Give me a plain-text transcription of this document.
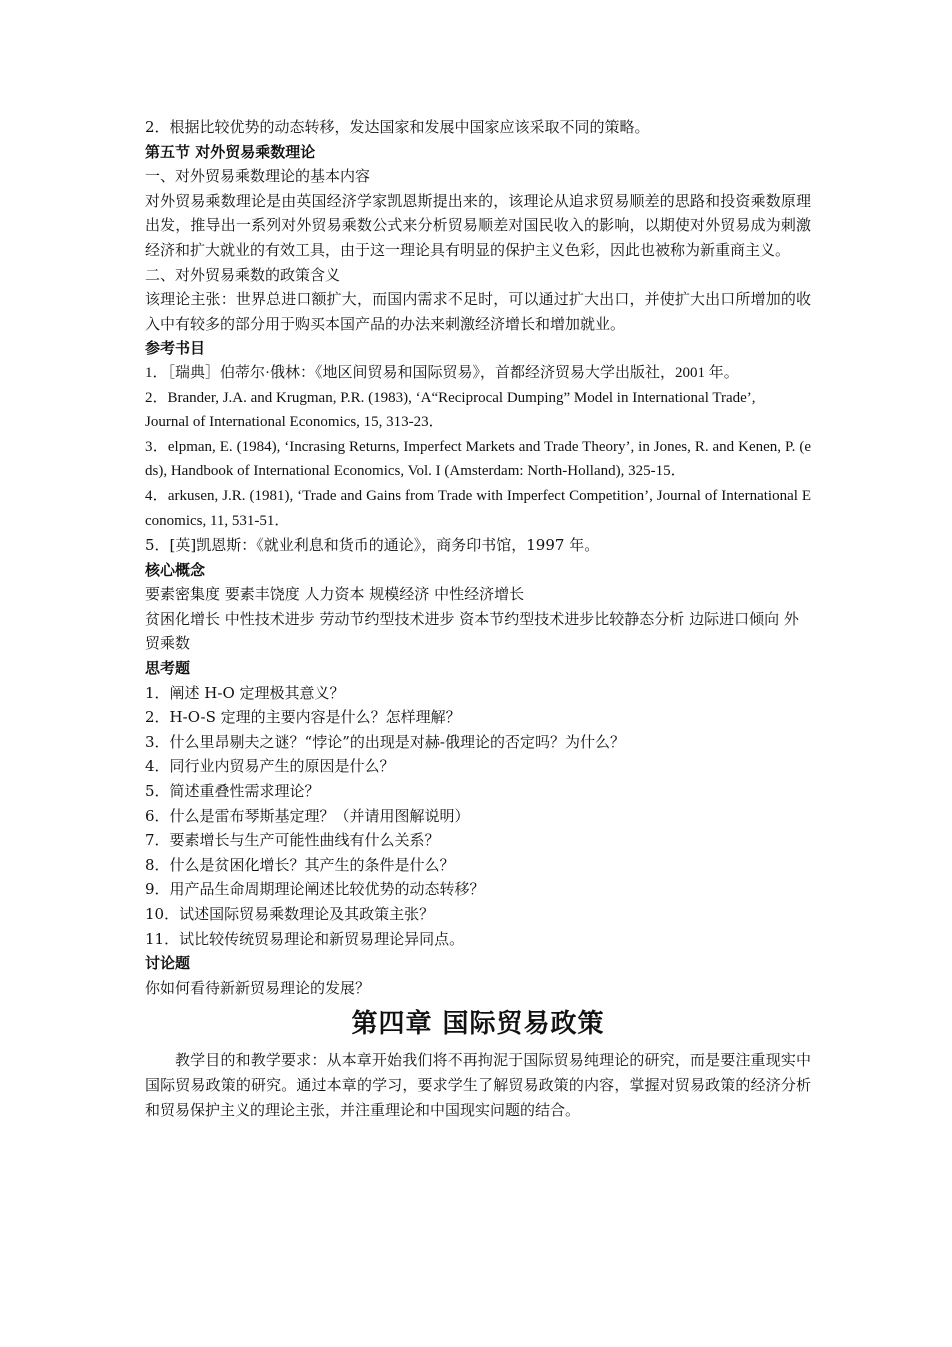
2．根据比较优势的动态转移，发达国家和发展中国家应该采取不同的策略。

第五节 对外贸易乘数理论

一、对外贸易乘数理论的基本内容

对外贸易乘数理论是由英国经济学家凯恩斯提出来的，该理论从追求贸易顺差的思路和投资乘数原理出发，推导出一系列对外贸易乘数公式来分析贸易顺差对国民收入的影响，以期使对外贸易成为刺激经济和扩大就业的有效工具，由于这一理论具有明显的保护主义色彩，因此也被称为新重商主义。

二、对外贸易乘数的政策含义

该理论主张：世界总进口额扩大，而国内需求不足时，可以通过扩大出口，并使扩大出口所增加的收入中有较多的部分用于购买本国产品的办法来刺激经济增长和增加就业。

参考书目

1．［瑞典］伯蒂尔·俄林：《地区间贸易和国际贸易》，首都经济贸易大学出版社，2001 年。
2．Brander, J.A. and Krugman, P.R. (1983), ‘A“Reciprocal Dumping” Model in International Trade’,
Journal of International Economics, 15, 313-23．
3．elpman, E. (1984), ‘Incrasing Returns, Imperfect Markets and Trade Theory’, in Jones, R. and Kenen, P. (eds), Handbook of International Economics, Vol. I (Amsterdam: North-Holland), 325-15．
4．arkusen, J.R. (1981), ‘Trade and Gains from Trade with Imperfect Competition’, Journal of International Economics, 11, 531-51．
5．[英]凯恩斯：《就业利息和货币的通论》，商务印书馆，1997 年。

核心概念

要素密集度 要素丰饶度 人力资本 规模经济 中性经济增长

贫困化增长 中性技术进步 劳动节约型技术进步 资本节约型技术进步比较静态分析 边际进口倾向 外贸乘数

思考题

1．阐述 H-O 定理极其意义？
2．H-O-S 定理的主要内容是什么？怎样理解？
3．什么里昂剔夫之谜？“悖论”的出现是对赫-俄理论的否定吗？为什么？
4．同行业内贸易产生的原因是什么？
5．简述重叠性需求理论？
6．什么是雷布琴斯基定理？（并请用图解说明）
7．要素增长与生产可能性曲线有什么关系？
8．什么是贫困化增长？其产生的条件是什么？
9．用产品生命周期理论阐述比较优势的动态转移？
10．试述国际贸易乘数理论及其政策主张？
11．试比较传统贸易理论和新贸易理论异同点。

讨论题

你如何看待新新贸易理论的发展？

第四章 国际贸易政策

教学目的和教学要求：从本章开始我们将不再拘泥于国际贸易纯理论的研究，而是要注重现实中国际贸易政策的研究。通过本章的学习，要求学生了解贸易政策的内容，掌握对贸易政策的经济分析和贸易保护主义的理论主张，并注重理论和中国现实问题的结合。
